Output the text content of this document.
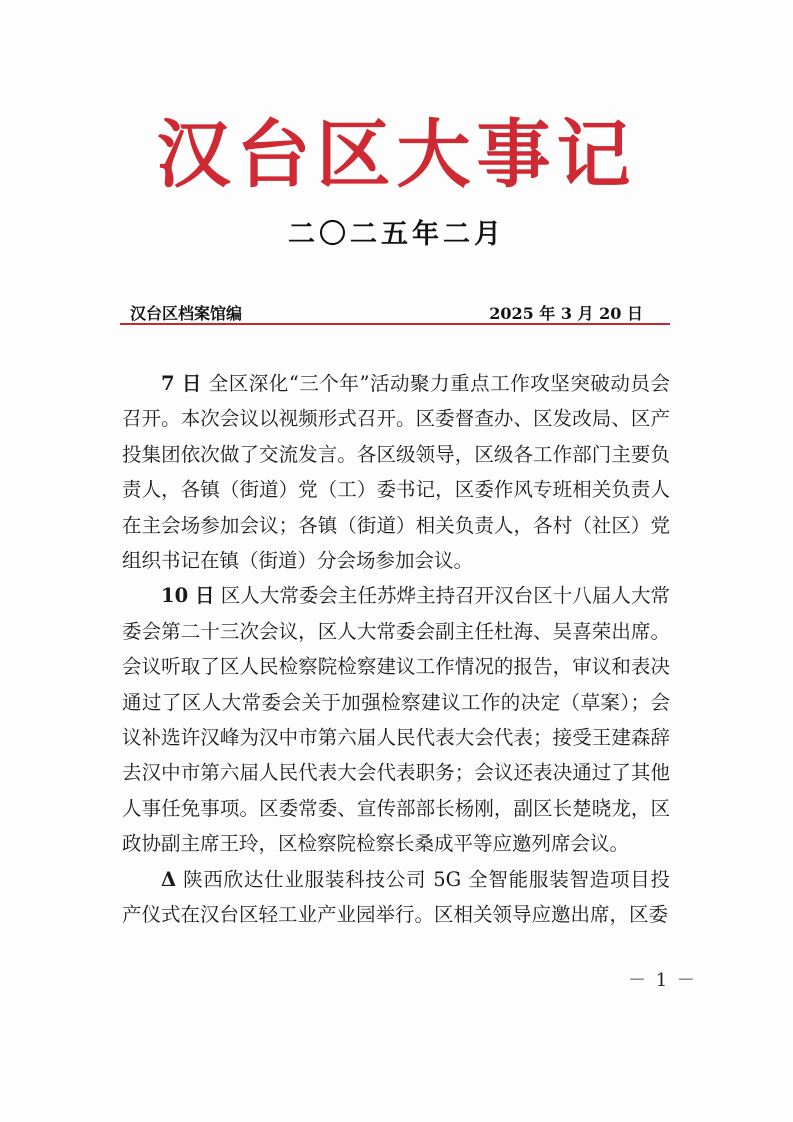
汉台区大事记
二〇二五年二月
汉台区档案馆编	2025 年 3 月 20 日

7 日 全区深化“三个年”活动聚力重点工作攻坚突破动员会召开。本次会议以视频形式召开。区委督查办、区发改局、区产投集团依次做了交流发言。各区级领导，区级各工作部门主要负责人，各镇（街道）党（工）委书记，区委作风专班相关负责人在主会场参加会议；各镇（街道）相关负责人，各村（社区）党组织书记在镇（街道）分会场参加会议。

10 日 区人大常委会主任苏烨主持召开汉台区十八届人大常委会第二十三次会议，区人大常委会副主任杜海、吴喜荣出席。会议听取了区人民检察院检察建议工作情况的报告，审议和表决通过了区人大常委会关于加强检察建议工作的决定（草案）；会议补选许汉峰为汉中市第六届人民代表大会代表；接受王建森辞去汉中市第六届人民代表大会代表职务；会议还表决通过了其他人事任免事项。区委常委、宣传部部长杨刚，副区长楚晓龙，区政协副主席王玲，区检察院检察长桑成平等应邀列席会议。

Δ 陕西欣达仕业服装科技公司 5G 全智能服装智造项目投产仪式在汉台区轻工业产业园举行。区相关领导应邀出席，区委

－ 1 －
